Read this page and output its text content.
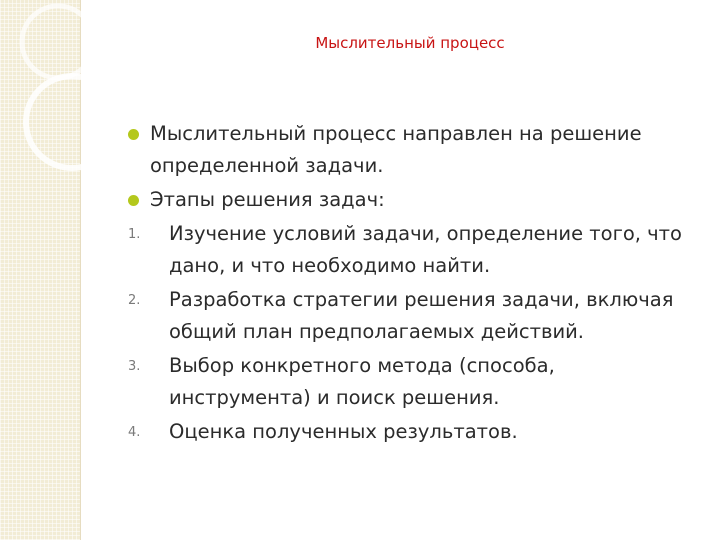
Мыслительный процесс
Мыслительный процесс направлен на решение определенной задачи.
Этапы решения задач:
1. Изучение условий задачи, определение того, что дано, и что необходимо найти.
2. Разработка стратегии решения задачи, включая общий план предполагаемых действий.
3. Выбор конкретного метода (способа, инструмента) и поиск решения.
4. Оценка полученных результатов.
